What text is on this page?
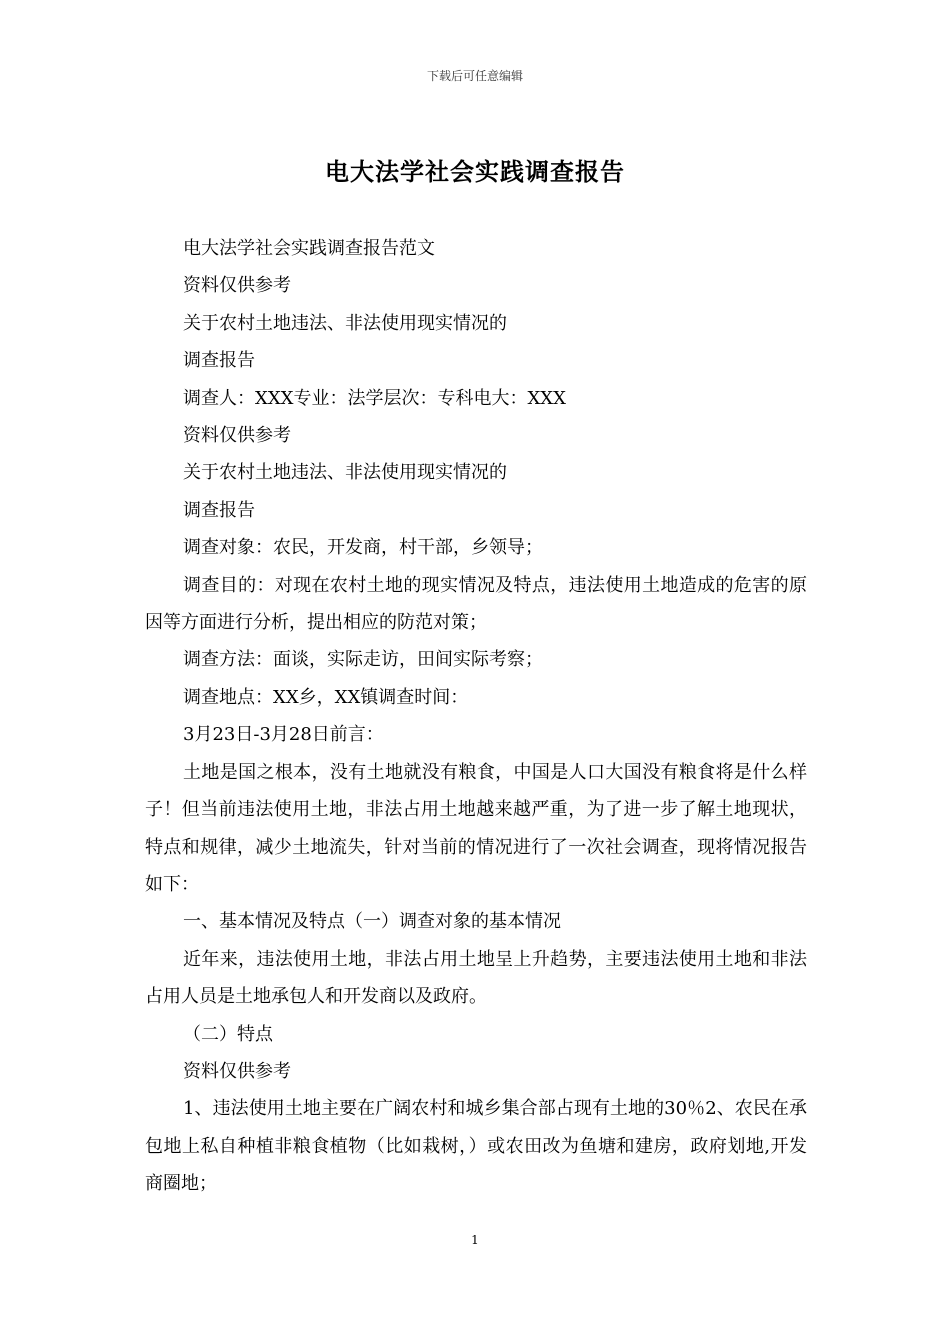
下载后可任意编辑
电大法学社会实践调查报告

电大法学社会实践调查报告范文

资料仅供参考

关于农村土地违法、非法使用现实情况的

调查报告

调查人：XXX专业：法学层次：专科电大：XXX

资料仅供参考

关于农村土地违法、非法使用现实情况的

调查报告

调查对象：农民，开发商，村干部，乡领导；

调查目的：对现在农村土地的现实情况及特点，违法使用土地造成的危害的原因等方面进行分析，提出相应的防范对策；

调查方法：面谈，实际走访，田间实际考察；

调查地点：XX乡，XX镇调查时间：

3月23日-3月28日前言：

土地是国之根本，没有土地就没有粮食，中国是人口大国没有粮食将是什么样子！但当前违法使用土地，非法占用土地越来越严重，为了进一步了解土地现状，特点和规律，减少土地流失，针对当前的情况进行了一次社会调查，现将情况报告如下：

一、基本情况及特点（一）调查对象的基本情况

近年来，违法使用土地，非法占用土地呈上升趋势，主要违法使用土地和非法占用人员是土地承包人和开发商以及政府。

（二）特点

资料仅供参考

1、违法使用土地主要在广阔农村和城乡集合部占现有土地的30％2、农民在承包地上私自种植非粮食植物（比如栽树，）或农田改为鱼塘和建房，政府划地,开发商圈地；

1
